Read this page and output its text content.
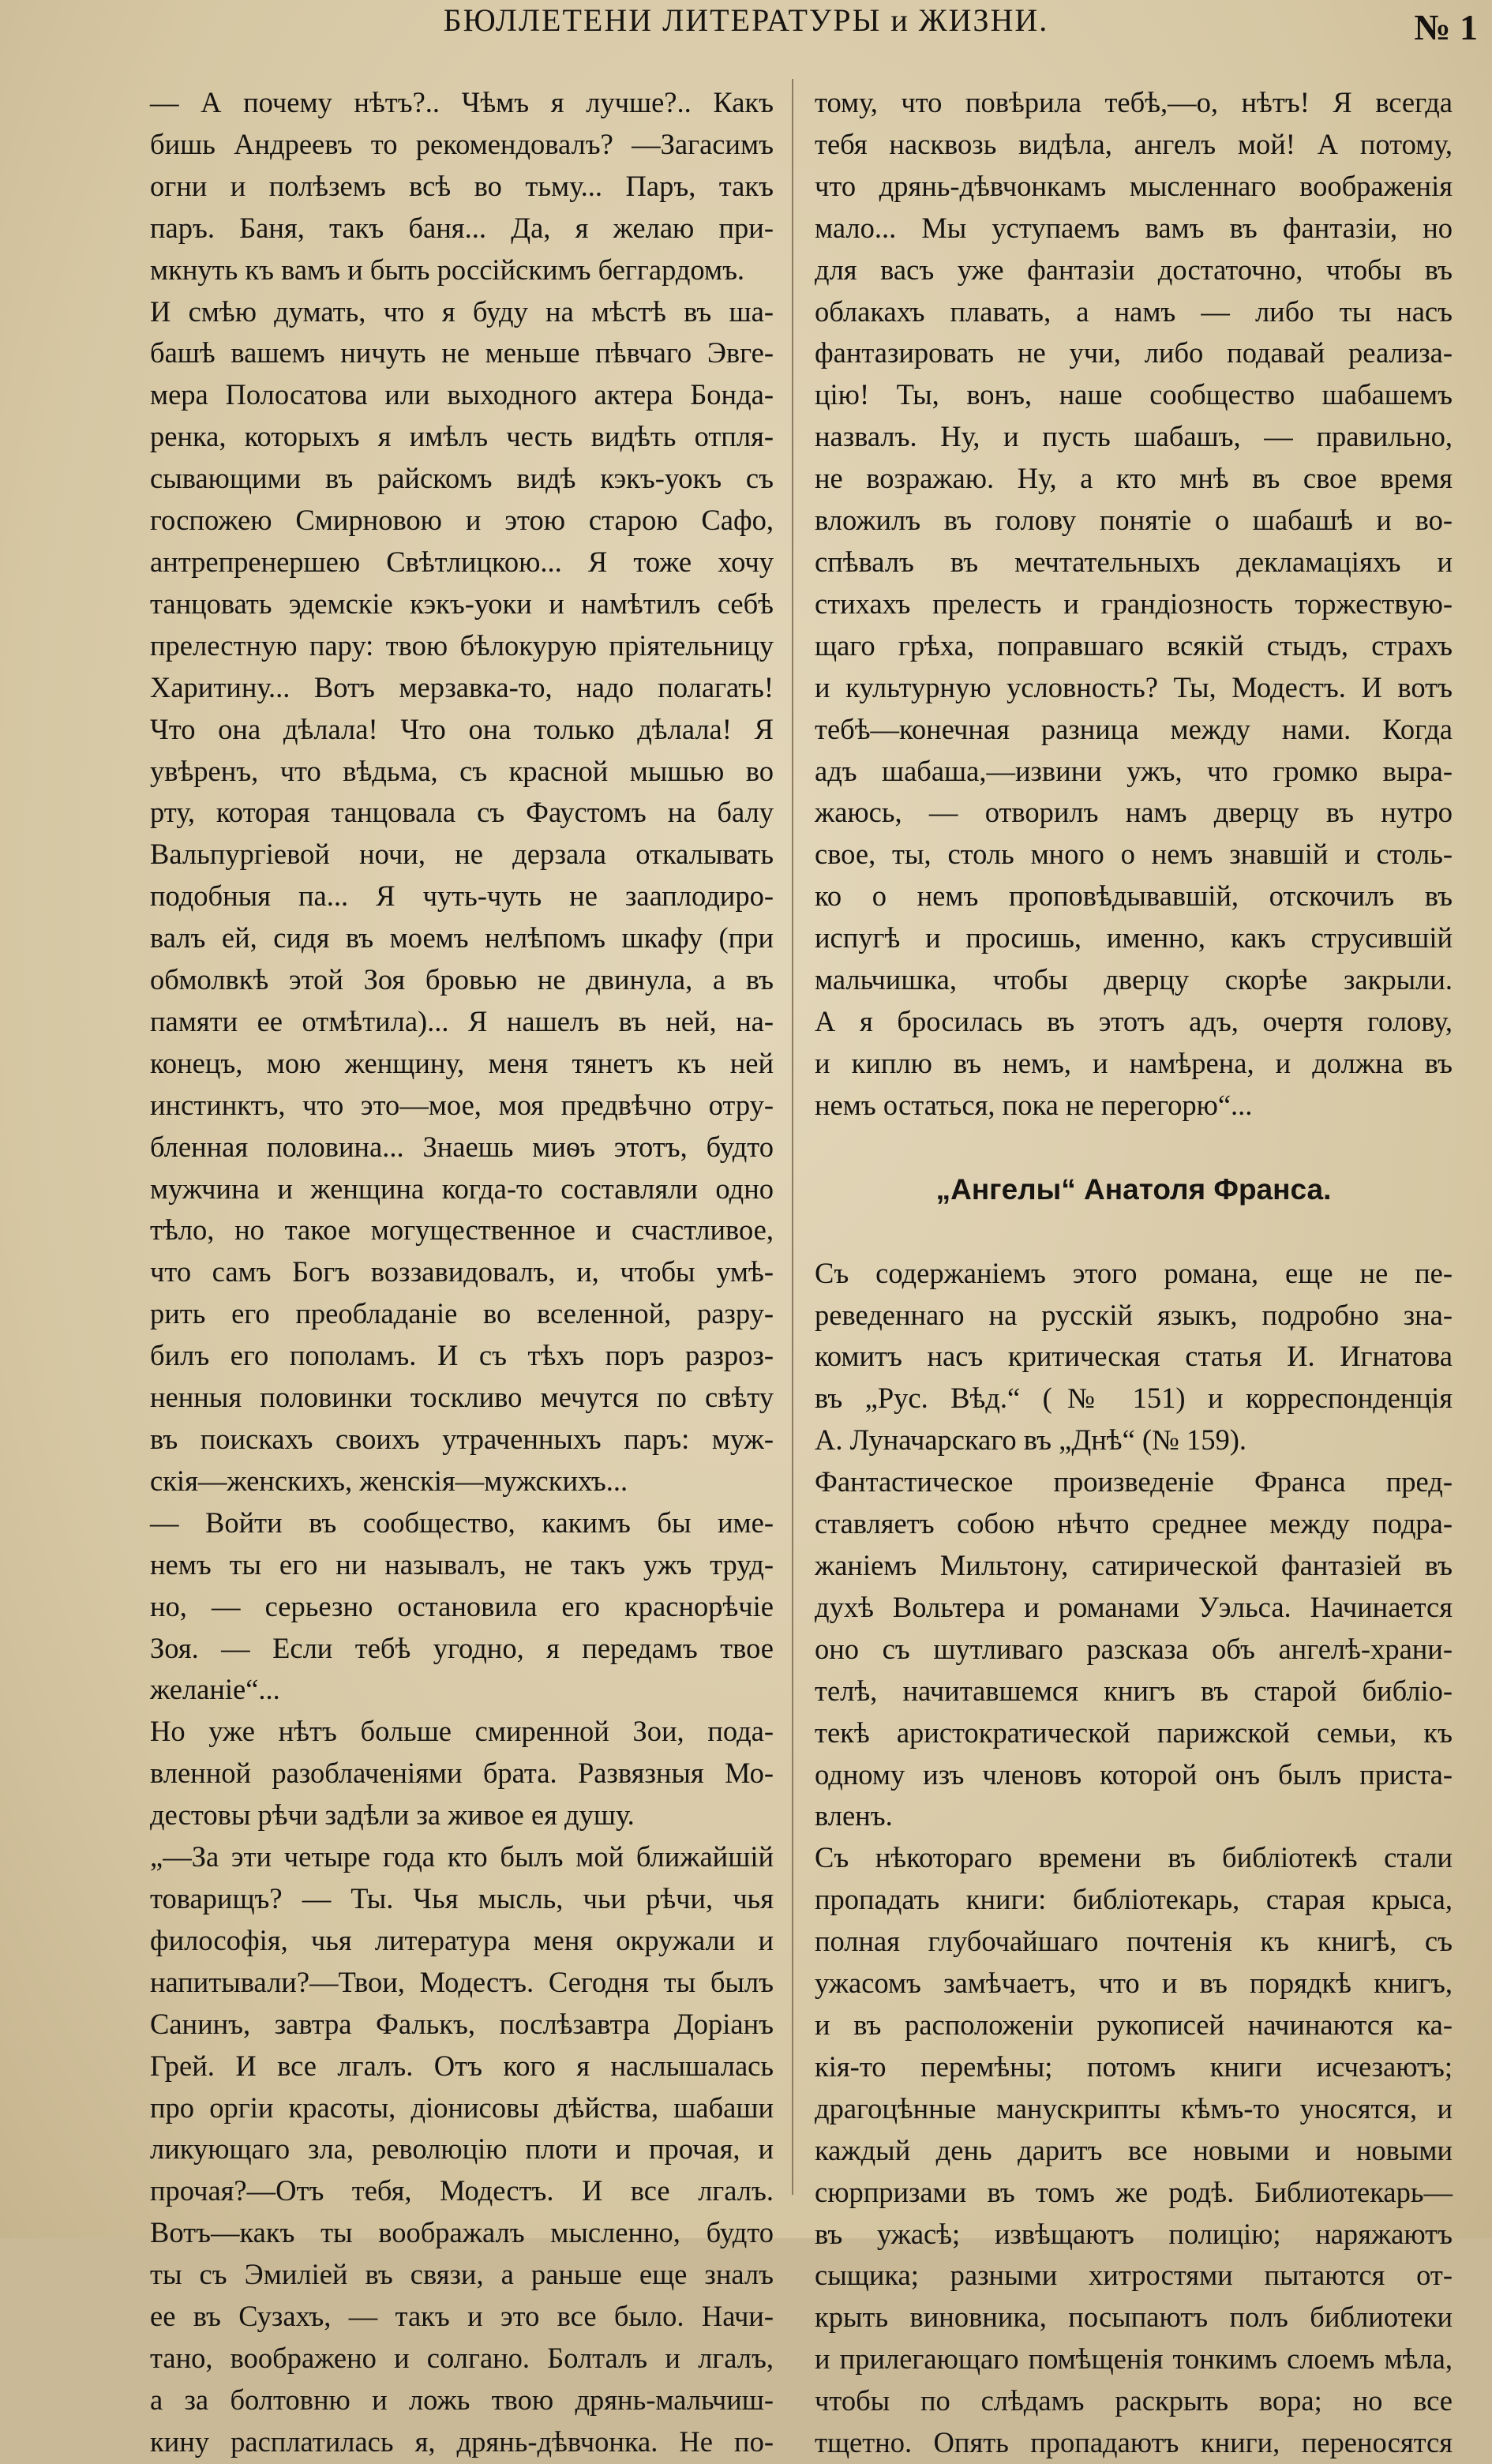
БЮЛЛЕТЕНИ ЛИТЕРАТУРЫ и ЖИЗНИ.	№ 1
— А почему нѣтъ?.. Чѣмъ я лучше?.. Какъ
бишь Андреевъ то рекомендовалъ? —Загасимъ
огни и полѣземъ всѣ во тьму... Паръ, такъ
паръ. Баня, такъ баня... Да, я желаю при-
мкнуть къ вамъ и быть россійскимъ беггардомъ.
И смѣю думать, что я буду на мѣстѣ въ ша-
башѣ вашемъ ничуть не меньше пѣвчаго Эвге-
мера Полосатова или выходного актера Бонда-
ренка, которыхъ я имѣлъ честь видѣть отпля-
сывающими въ райскомъ видѣ кэкъ-уокъ съ
госпожею Смирновою и этою старою Сафо,
антрепренершею Свѣтлицкою... Я тоже хочу
танцовать эдемскіе кэкъ-уоки и намѣтилъ себѣ
прелестную пару: твою бѣлокурую пріятельницу
Харитину... Вотъ мерзавка-то, надо полагать!
Что она дѣлала! Что она только дѣлала! Я
увѣренъ, что вѣдьма, съ красной мышью во
рту, которая танцовала съ Фаустомъ на балу
Вальпургіевой ночи, не дерзала откалывать
подобныя па... Я чуть-чуть не зааплодиро-
валъ ей, сидя въ моемъ нелѣпомъ шкафу (при
обмолвкѣ этой Зоя бровью не двинула, а въ
памяти ее отмѣтила)... Я нашелъ въ ней, на-
конецъ, мою женщину, меня тянетъ къ ней
инстинктъ, что это—мое, моя предвѣчно отру-
бленная половина... Знаешь миѳъ этотъ, будто
мужчина и женщина когда-то составляли одно
тѣло, но такое могущественное и счастливое,
что самъ Богъ воззавидовалъ, и, чтобы умѣ-
рить его преобладаніе во вселенной, разру-
билъ его пополамъ. И съ тѣхъ поръ разроз-
ненныя половинки тоскливо мечутся по свѣту
въ поискахъ своихъ утраченныхъ паръ: муж-
скія—женскихъ, женскія—мужскихъ...
— Войти въ сообщество, какимъ бы име-
немъ ты его ни называлъ, не такъ ужъ труд-
но, — серьезно остановила его краснорѣчіе
Зоя. — Если тебѣ угодно, я передамъ твое
желаніе“...
Но уже нѣтъ больше смиренной Зои, пода-
вленной разоблаченіями брата. Развязныя Мо-
дестовы рѣчи задѣли за живое ея душу.
„—За эти четыре года кто былъ мой ближайшій
товарищъ? — Ты. Чья мысль, чьи рѣчи, чья
философія, чья литература меня окружали и
напитывали?—Твои, Модестъ. Сегодня ты былъ
Санинъ, завтра Фалькъ, послѣзавтра Доріанъ
Грей. И все лгалъ. Отъ кого я наслышалась
про оргіи красоты, діонисовы дѣйства, шабаши
ликующаго зла, революцію плоти и прочая, и
прочая?—Отъ тебя, Модестъ. И все лгалъ.
Вотъ—какъ ты воображалъ мысленно, будто
ты съ Эмиліей въ связи, а раньше еще зналъ
ее въ Сузахъ, — такъ и это все было. Начи-
тано, воображено и солгано. Болталъ и лгалъ,
а за болтовню и ложь твою дрянь-мальчиш-
кину расплатилась я, дрянь-дѣвчонка. Не по-
тому, что повѣрила тебѣ,—о, нѣтъ! Я всегда
тебя насквозь видѣла, ангелъ мой! А потому,
что дрянь-дѣвчонкамъ мысленнаго воображенія
мало... Мы уступаемъ вамъ въ фантазіи, но
для васъ уже фантазіи достаточно, чтобы въ
облакахъ плавать, а намъ — либо ты насъ
фантазировать не учи, либо подавай реализа-
цію! Ты, вонъ, наше сообщество шабашемъ
назвалъ. Ну, и пусть шабашъ, — правильно,
не возражаю. Ну, а кто мнѣ въ свое время
вложилъ въ голову понятіе о шабашѣ и во-
спѣвалъ въ мечтательныхъ декламаціяхъ и
стихахъ прелесть и грандіозность торжествую-
щаго грѣха, поправшаго всякій стыдъ, страхъ
и культурную условность? Ты, Модестъ. И вотъ
тебѣ—конечная разница между нами. Когда
адъ шабаша,—извини ужъ, что громко выра-
жаюсь, — отворилъ намъ дверцу въ нутро
свое, ты, столь много о немъ знавшій и столь-
ко о немъ проповѣдывавшій, отскочилъ въ
испугѣ и просишь, именно, какъ струсившій
мальчишка, чтобы дверцу скорѣе закрыли.
А я бросилась въ этотъ адъ, очертя голову,
и киплю въ немъ, и намѣрена, и должна въ
немъ остаться, пока не перегорю“...
„Ангелы“ Анатоля Франса.
Съ содержаніемъ этого романа, еще не пе-
реведеннаго на русскій языкъ, подробно зна-
комитъ насъ критическая статья И. Игнатова
въ „Рус. Вѣд.“ (№ 151) и корреспонденція
А. Луначарскаго въ „Днѣ“ (№ 159).
Фантастическое произведеніе Франса пред-
ставляетъ собою нѣчто среднее между подра-
жаніемъ Мильтону, сатирической фантазіей въ
духѣ Вольтера и романами Уэльса. Начинается
оно съ шутливаго разсказа объ ангелѣ-храни-
телѣ, начитавшемся книгъ въ старой библіо-
текѣ аристократической парижской семьи, къ
одному изъ членовъ которой онъ былъ пристa-
вленъ.
Съ нѣкотораго времени въ библіотекѣ стали
пропадать книги: библіотекарь, старая крыса,
полная глубочайшаго почтенія къ книгѣ, съ
ужасомъ замѣчаетъ, что и въ порядкѣ книгъ,
и въ расположеніи рукописей начинаются ка-
кія-то перемѣны; потомъ книги исчезаютъ;
драгоцѣнные манускрипты кѣмъ-то уносятся, и
каждый день даритъ все новыми и новыми
сюрпризами въ томъ же родѣ. Библиотекарь—
въ ужасѣ; извѣщаютъ полицію; наряжаютъ
сыщика; разными хитростями пытаются от-
крыть виновника, посыпаютъ полъ библиотеки
и прилегающаго помѣщенія тонкимъ слоемъ мѣла,
чтобы по слѣдамъ раскрыть вора; но все
тщетно. Опять пропадаютъ книги, переносятся
